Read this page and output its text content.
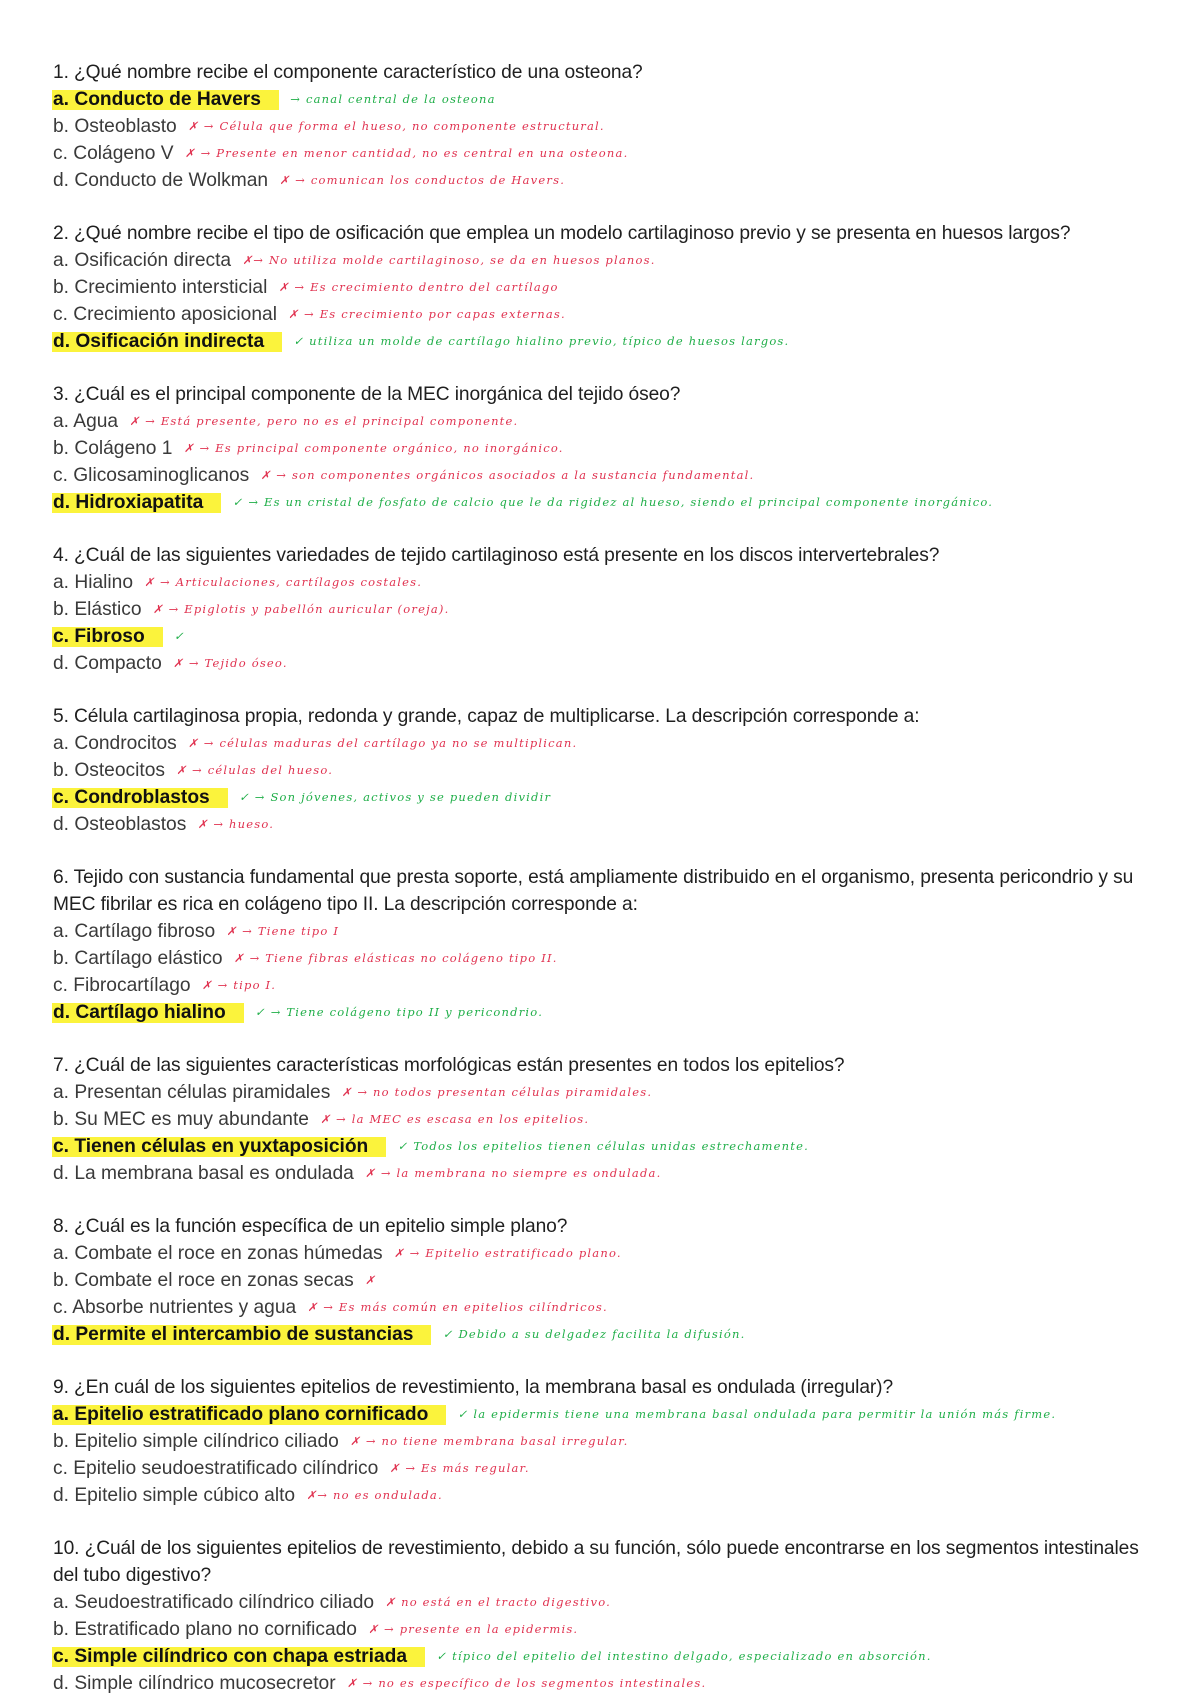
1. ¿Qué nombre recibe el componente característico de una osteona?
a. Conducto de Havers	→ canal central de la osteona
b. Osteoblasto ✗ → Célula que forma el hueso, no componente estructural.
c. Colágeno V ✗ → Presente en menor cantidad, no es central en una osteona.
d. Conducto de Wolkman ✗ → comunican los conductos de Havers.
2. ¿Qué nombre recibe el tipo de osificación que emplea un modelo cartilaginoso previo y se presenta en huesos largos?
a. Osificación directa ✗→ No utiliza molde cartilaginoso, se da en huesos planos.
b. Crecimiento intersticial ✗ → Es crecimiento dentro del cartílago
c. Crecimiento aposicional ✗ → Es crecimiento por capas externas.
d. Osificación indirecta	✓ utiliza un molde de cartílago hialino previo, típico de huesos largos.
3. ¿Cuál es el principal componente de la MEC inorgánica del tejido óseo?
a. Agua ✗ → Está presente, pero no es el principal componente.
b. Colágeno 1 ✗ → Es principal componente orgánico, no inorgánico.
c. Glicosaminoglicanos ✗ → son componentes orgánicos asociados a la sustancia fundamental.
d. Hidroxiapatita	✓ → Es un cristal de fosfato de calcio que le da rigidez al hueso, siendo el principal componente inorgánico.
4. ¿Cuál de las siguientes variedades de tejido cartilaginoso está presente en los discos intervertebrales?
a. Hialino ✗ → Articulaciones, cartílagos costales.
b. Elástico ✗ → Epiglotis y pabellón auricular (oreja).
c. Fibroso	✓
d. Compacto ✗ → Tejido óseo.
5. Célula cartilaginosa propia, redonda y grande, capaz de multiplicarse. La descripción corresponde a:
a. Condrocitos ✗ → células maduras del cartílago ya no se multiplican.
b. Osteocitos ✗ → células del hueso.
c. Condroblastos	✓ → Son jóvenes, activos y se pueden dividir
d. Osteoblastos ✗ → hueso.
6. Tejido con sustancia fundamental que presta soporte, está ampliamente distribuido en el organismo, presenta pericondrio y su MEC fibrilar es rica en colágeno tipo II. La descripción corresponde a:
a. Cartílago fibroso ✗ → Tiene tipo I
b. Cartílago elástico ✗ → Tiene fibras elásticas no colágeno tipo II.
c. Fibrocartílago ✗ → tipo I.
d. Cartílago hialino	✓ → Tiene colágeno tipo II y pericondrio.
7. ¿Cuál de las siguientes características morfológicas están presentes en todos los epitelios?
a. Presentan células piramidales ✗ → no todos presentan células piramidales.
b. Su MEC es muy abundante ✗ → la MEC es escasa en los epitelios.
c. Tienen células en yuxtaposición	✓ Todos los epitelios tienen células unidas estrechamente.
d. La membrana basal es ondulada ✗ → la membrana no siempre es ondulada.
8. ¿Cuál es la función específica de un epitelio simple plano?
a. Combate el roce en zonas húmedas ✗ → Epitelio estratificado plano.
b. Combate el roce en zonas secas ✗
c. Absorbe nutrientes y agua ✗ → Es más común en epitelios cilíndricos.
d. Permite el intercambio de sustancias	✓ Debido a su delgadez facilita la difusión.
9. ¿En cuál de los siguientes epitelios de revestimiento, la membrana basal es ondulada (irregular)?
a. Epitelio estratificado plano cornificado	✓ la epidermis tiene una membrana basal ondulada para permitir la unión más firme.
b. Epitelio simple cilíndrico ciliado ✗ → no tiene membrana basal irregular.
c. Epitelio seudoestratificado cilíndrico ✗ → Es más regular.
d. Epitelio simple cúbico alto ✗→ no es ondulada.
10. ¿Cuál de los siguientes epitelios de revestimiento, debido a su función, sólo puede encontrarse en los segmentos intestinales del tubo digestivo?
a. Seudoestratificado cilíndrico ciliado ✗ no está en el tracto digestivo.
b. Estratificado plano no cornificado ✗ → presente en la epidermis.
c. Simple cilíndrico con chapa estriada	✓ típico del epitelio del intestino delgado, especializado en absorción.
d. Simple cilíndrico mucosecretor ✗ → no es específico de los segmentos intestinales.
